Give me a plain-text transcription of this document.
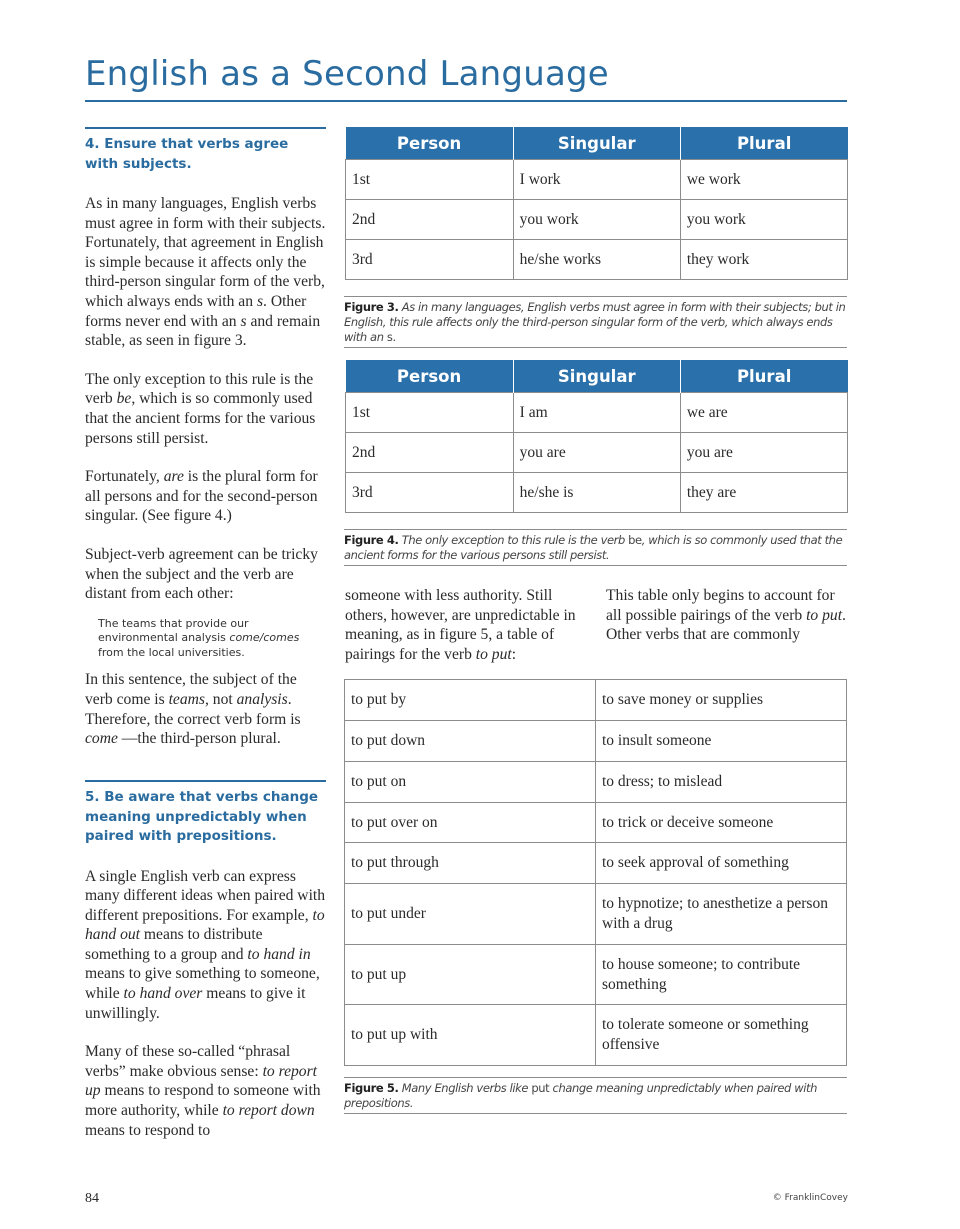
English as a Second Language
4. Ensure that verbs agree with subjects.

As in many languages, English verbs must agree in form with their subjects. Fortunately, that agreement in English is simple because it affects only the third-person singular form of the verb, which always ends with an s. Other forms never end with an s and remain stable, as seen in figure 3.

The only exception to this rule is the verb be, which is so commonly used that the ancient forms for the various persons still persist.

Fortunately, are is the plural form for all persons and for the second-person singular. (See figure 4.)

Subject-verb agreement can be tricky when the subject and the verb are distant from each other:

The teams that provide our environmental analysis come/comes from the local universities.

In this sentence, the subject of the verb come is teams, not analysis. Therefore, the correct verb form is come —the third-person plural.

5. Be aware that verbs change meaning unpredictably when paired with prepositions.

A single English verb can express many different ideas when paired with different prepositions. For example, to hand out means to distribute something to a group and to hand in means to give something to someone, while to hand over means to give it unwillingly.

Many of these so-called “phrasal verbs” make obvious sense: to report up means to respond to someone with more authority, while to report down means to respond to

Person	Singular	Plural
1st	I work	we work
2nd	you work	you work
3rd	he/she works	they work
Figure 3. As in many languages, English verbs must agree in form with their subjects; but in English, this rule affects only the third-person singular form of the verb, which always ends with an s.
Person	Singular	Plural
1st	I am	we are
2nd	you are	you are
3rd	he/she is	they are
Figure 4. The only exception to this rule is the verb be, which is so commonly used that the ancient forms for the various persons still persist.

someone with less authority. Still others, however, are unpredictable in meaning, as in figure 5, a table of pairings for the verb to put:

This table only begins to account for all possible pairings of the verb to put. Other verbs that are commonly

to put by	to save money or supplies
to put down	to insult someone
to put on	to dress; to mislead
to put over on	to trick or deceive someone
to put through	to seek approval of something
to put under	to hypnotize; to anesthetize a person with a drug
to put up	to house someone; to contribute something
to put up with	to tolerate someone or something offensive
Figure 5. Many English verbs like put change meaning unpredictably when paired with prepositions.
84	© FranklinCovey
